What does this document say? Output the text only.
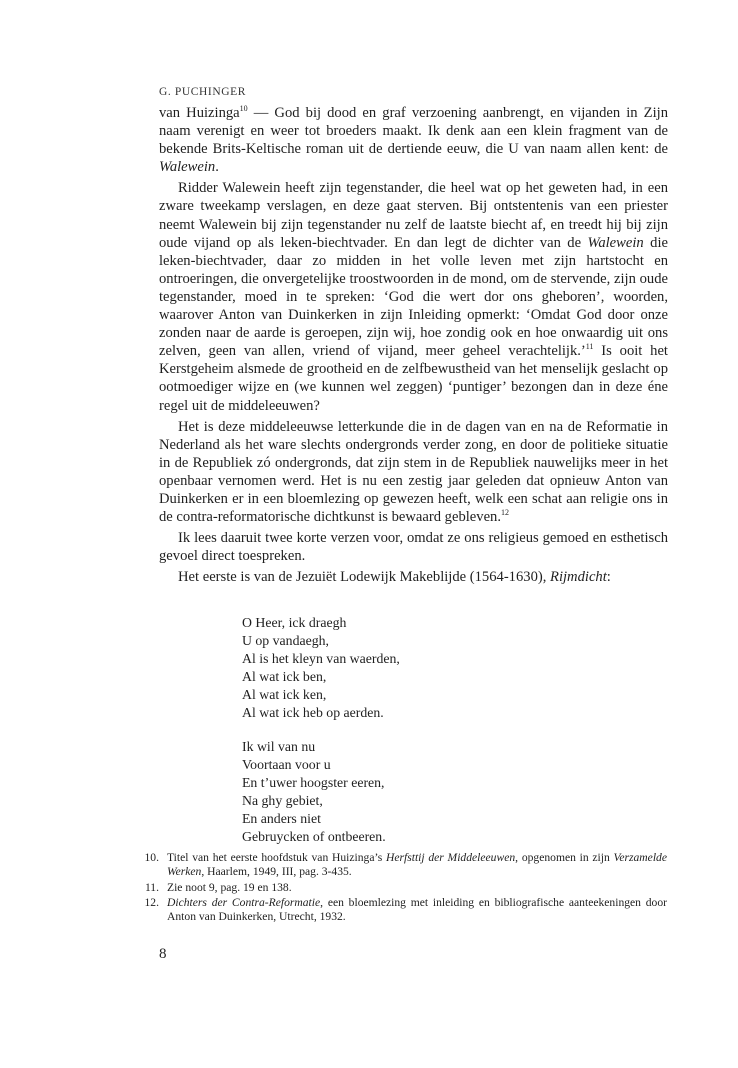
G. PUCHINGER

van Huizinga$^{10}$ — God bij dood en graf verzoening aanbrengt, en vijanden in Zijn naam verenigt en weer tot broeders maakt. Ik denk aan een klein fragment van de bekende Brits-Keltische roman uit de dertiende eeuw, die U van naam allen kent: de Walewein.

Ridder Walewein heeft zijn tegenstander, die heel wat op het geweten had, in een zware tweekamp verslagen, en deze gaat sterven. Bij ontstentenis van een priester neemt Walewein bij zijn tegenstander nu zelf de laatste biecht af, en treedt hij bij zijn oude vijand op als leken-biechtvader. En dan legt de dichter van de Walewein die leken-biechtvader, daar zo midden in het volle leven met zijn hartstocht en ontroeringen, die onvergetelijke troostwoorden in de mond, om de stervende, zijn oude tegenstander, moed in te spreken: ‘God die wert dor ons gheboren’, woorden, waarover Anton van Duinkerken in zijn Inleiding opmerkt: ‘Omdat God door onze zonden naar de aarde is geroepen, zijn wij, hoe zondig ook en hoe onwaardig uit ons zelven, geen van allen, vriend of vijand, meer geheel verachtelijk.’$^{11}$ Is ooit het Kerstgeheim alsmede de grootheid en de zelfbewustheid van het menselijk geslacht op ootmoediger wijze en (we kunnen wel zeggen) ‘puntiger’ bezongen dan in deze éne regel uit de middeleeuwen?

Het is deze middeleeuwse letterkunde die in de dagen van en na de Reformatie in Nederland als het ware slechts ondergronds verder zong, en door de politieke situatie in de Republiek zó ondergronds, dat zijn stem in de Republiek nauwelijks meer in het openbaar vernomen werd. Het is nu een zestig jaar geleden dat opnieuw Anton van Duinkerken er in een bloemlezing op gewezen heeft, welk een schat aan religie ons in de contra-reformatorische dichtkunst is bewaard gebleven.$^{12}$

Ik lees daaruit twee korte verzen voor, omdat ze ons religieus gemoed en esthetisch gevoel direct toespreken.

Het eerste is van de Jezuiët Lodewijk Makeblijde (1564-1630), Rijmdicht:

O Heer, ick draegh
U op vandaegh,
Al is het kleyn van waerden,
Al wat ick ben,
Al wat ick ken,
Al wat ick heb op aerden.
Ik wil van nu
Voortaan voor u
En t’uwer hoogster eeren,
Na ghy gebiet,
En anders niet
Gebruycken of ontbeeren.
10. Titel van het eerste hoofdstuk van Huizinga’s Herfsttij der Middeleeuwen, opgenomen in zijn Verzamelde Werken, Haarlem, 1949, III, pag. 3-435.
11. Zie noot 9, pag. 19 en 138.
12. Dichters der Contra-Reformatie, een bloemlezing met inleiding en bibliografische aanteekeningen door Anton van Duinkerken, Utrecht, 1932.
8
